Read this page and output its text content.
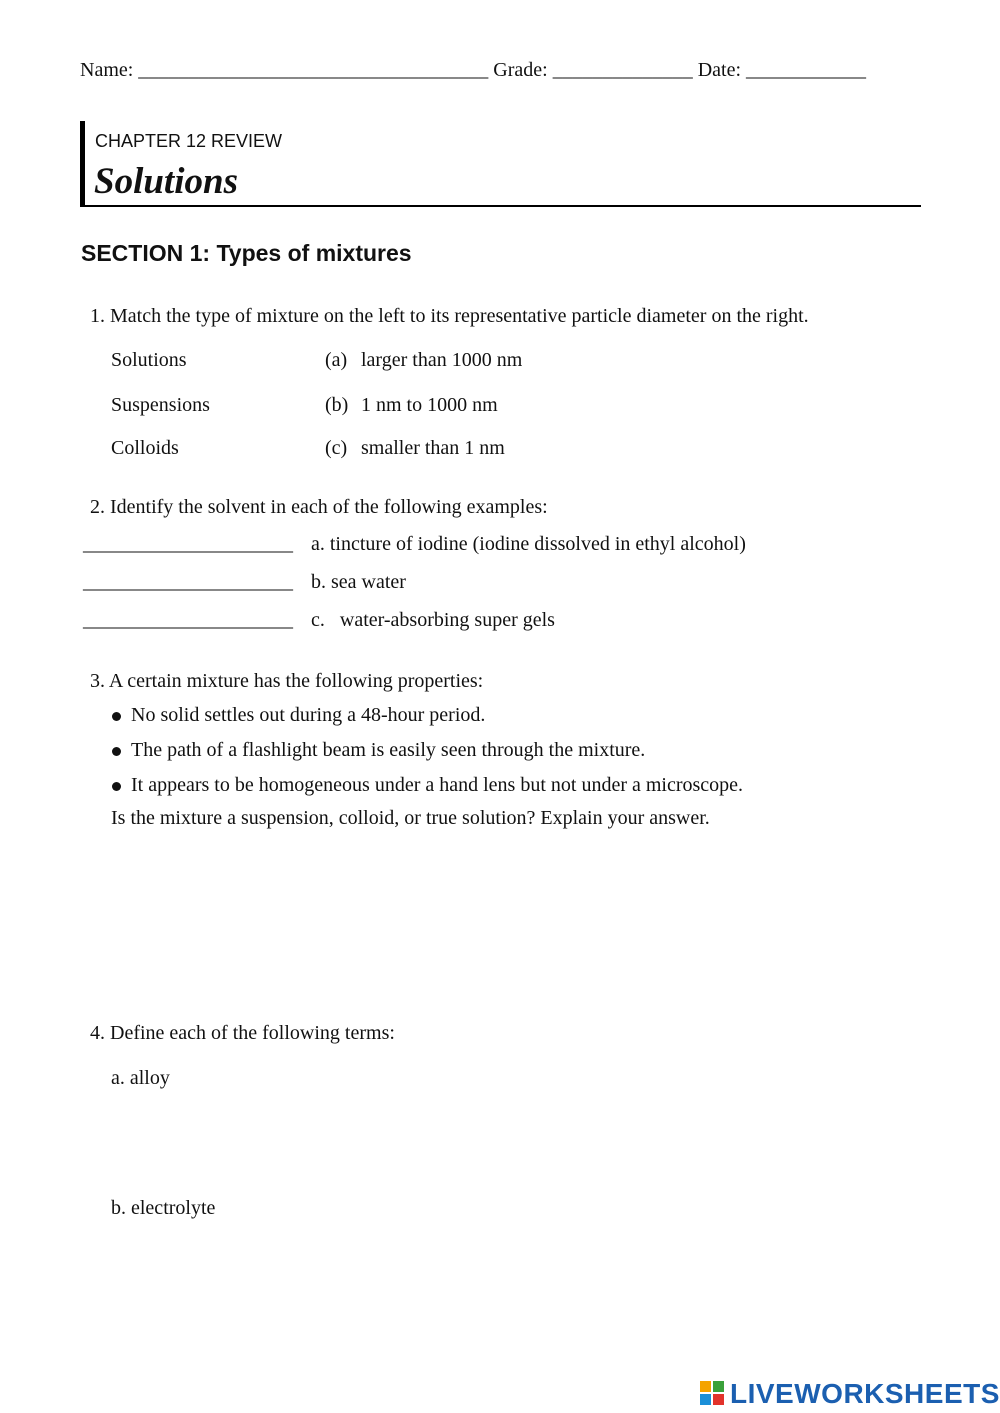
Name: ___________________________________ Grade: ______________ Date: ____________
CHAPTER 12 REVIEW
Solutions
SECTION 1: Types of mixtures
1. Match the type of mixture on the left to its representative particle diameter on the right.
Solutions
Suspensions
Colloids
(a) larger than 1000 nm
(b) 1 nm to 1000 nm
(c) smaller than 1 nm
2. Identify the solvent in each of the following examples:
_____________________ a. tincture of iodine (iodine dissolved in ethyl alcohol)
_____________________ b. sea water
_____________________ c.   water-absorbing super gels
3. A certain mixture has the following properties:
No solid settles out during a 48-hour period.
The path of a flashlight beam is easily seen through the mixture.
It appears to be homogeneous under a hand lens but not under a microscope.
Is the mixture a suspension, colloid, or true solution? Explain your answer.
4. Define each of the following terms:
a. alloy
b. electrolyte
LIVEWORKSHEETS
